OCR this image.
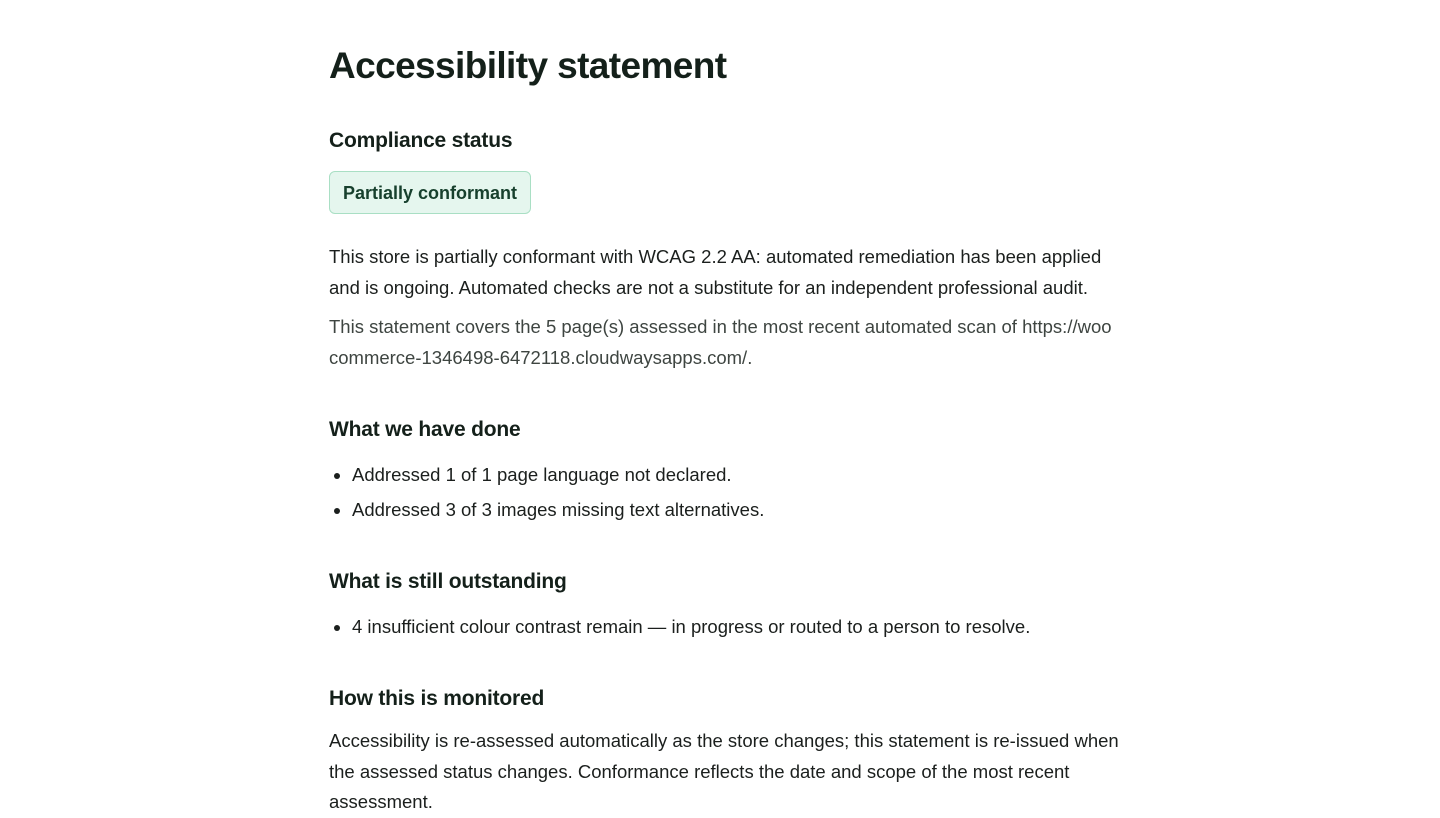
Accessibility statement
Compliance status
Partially conformant

This store is partially conformant with WCAG 2.2 AA: automated remediation has been applied and is ongoing. Automated checks are not a substitute for an independent professional audit.

This statement covers the 5 page(s) assessed in the most recent automated scan of https://woocommerce-1346498-6472118.cloudwaysapps.com/.

What we have done
• Addressed 1 of 1 page language not declared.
• Addressed 3 of 3 images missing text alternatives.
What is still outstanding
• 4 insufficient colour contrast remain — in progress or routed to a person to resolve.
How this is monitored

Accessibility is re-assessed automatically as the store changes; this statement is re-issued when the assessed status changes. Conformance reflects the date and scope of the most recent assessment.
